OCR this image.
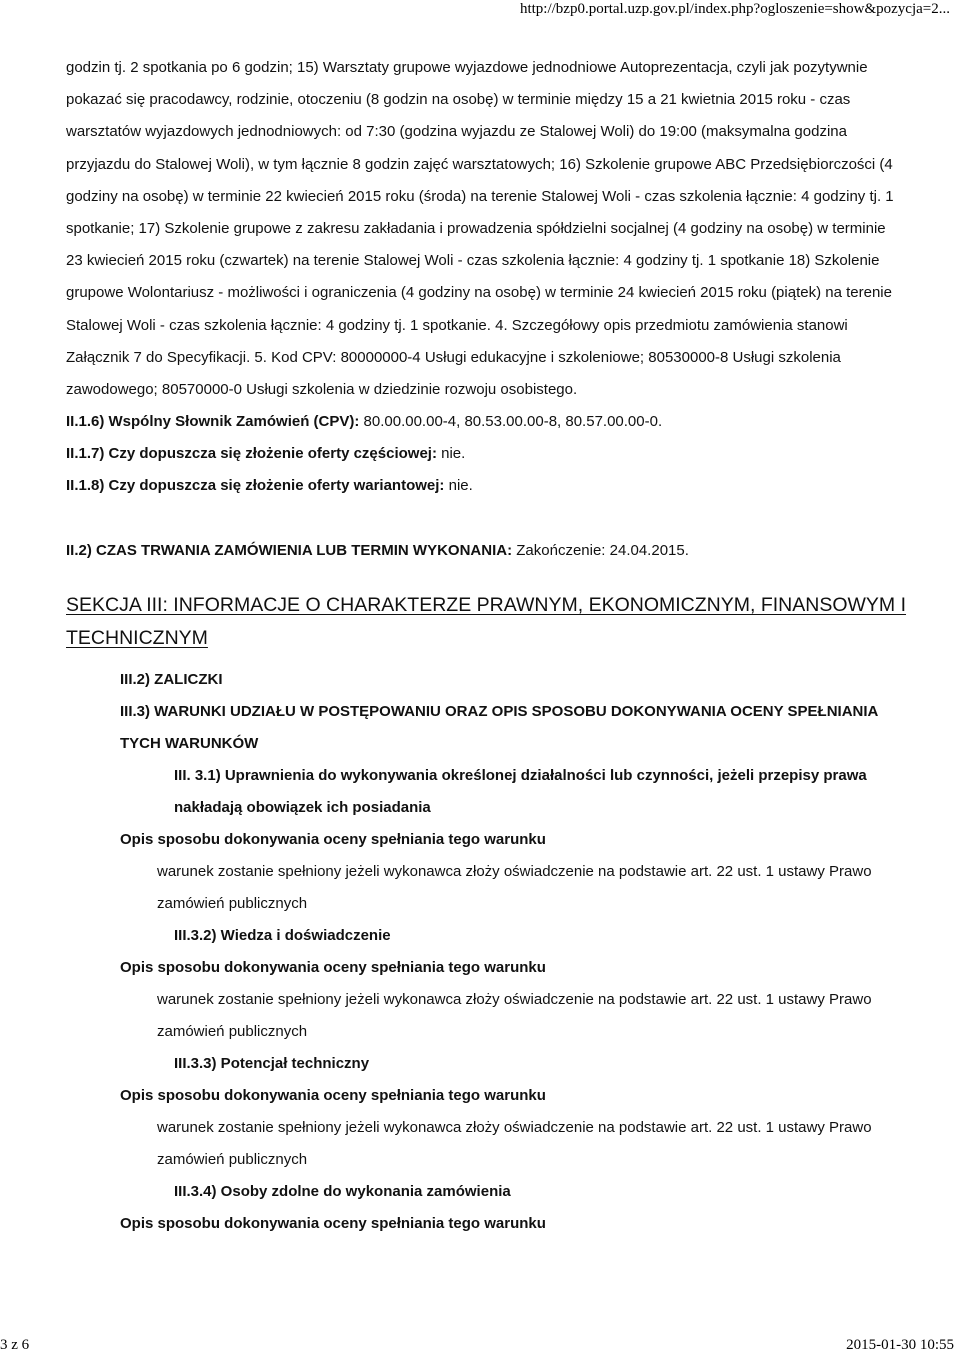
http://bzp0.portal.uzp.gov.pl/index.php?ogloszenie=show&pozycja=2...

godzin tj. 2 spotkania po 6 godzin; 15) Warsztaty grupowe wyjazdowe jednodniowe Autoprezentacja, czyli jak pozytywnie pokazać się pracodawcy, rodzinie, otoczeniu (8 godzin na osobę) w terminie między 15 a 21 kwietnia 2015 roku - czas warsztatów wyjazdowych jednodniowych: od 7:30 (godzina wyjazdu ze Stalowej Woli) do 19:00 (maksymalna godzina przyjazdu do Stalowej Woli), w tym łącznie 8 godzin zajęć warsztatowych; 16) Szkolenie grupowe ABC Przedsiębiorczości (4 godziny na osobę) w terminie 22 kwiecień 2015 roku (środa) na terenie Stalowej Woli - czas szkolenia łącznie: 4 godziny tj. 1 spotkanie; 17) Szkolenie grupowe z zakresu zakładania i prowadzenia spółdzielni socjalnej (4 godziny na osobę) w terminie 23 kwiecień 2015 roku (czwartek) na terenie Stalowej Woli - czas szkolenia łącznie: 4 godziny tj. 1 spotkanie 18) Szkolenie grupowe Wolontariusz - możliwości i ograniczenia (4 godziny na osobę) w terminie 24 kwiecień 2015 roku (piątek) na terenie Stalowej Woli - czas szkolenia łącznie: 4 godziny tj. 1 spotkanie. 4. Szczegółowy opis przedmiotu zamówienia stanowi Załącznik 7 do Specyfikacji. 5. Kod CPV: 80000000-4 Usługi edukacyjne i szkoleniowe; 80530000-8 Usługi szkolenia zawodowego; 80570000-0 Usługi szkolenia w dziedzinie rozwoju osobistego.

II.1.6) Wspólny Słownik Zamówień (CPV): 80.00.00.00-4, 80.53.00.00-8, 80.57.00.00-0.

II.1.7) Czy dopuszcza się złożenie oferty częściowej: nie.

II.1.8) Czy dopuszcza się złożenie oferty wariantowej: nie.

II.2) CZAS TRWANIA ZAMÓWIENIA LUB TERMIN WYKONANIA: Zakończenie: 24.04.2015.

SEKCJA III: INFORMACJE O CHARAKTERZE PRAWNYM, EKONOMICZNYM, FINANSOWYM I TECHNICZNYM

III.2) ZALICZKI

III.3) WARUNKI UDZIAŁU W POSTĘPOWANIU ORAZ OPIS SPOSOBU DOKONYWANIA OCENY SPEŁNIANIA TYCH WARUNKÓW

III. 3.1) Uprawnienia do wykonywania określonej działalności lub czynności, jeżeli przepisy prawa nakładają obowiązek ich posiadania

Opis sposobu dokonywania oceny spełniania tego warunku

warunek zostanie spełniony jeżeli wykonawca złoży oświadczenie na podstawie art. 22 ust. 1 ustawy Prawo zamówień publicznych

III.3.2) Wiedza i doświadczenie

Opis sposobu dokonywania oceny spełniania tego warunku

warunek zostanie spełniony jeżeli wykonawca złoży oświadczenie na podstawie art. 22 ust. 1 ustawy Prawo zamówień publicznych

III.3.3) Potencjał techniczny

Opis sposobu dokonywania oceny spełniania tego warunku

warunek zostanie spełniony jeżeli wykonawca złoży oświadczenie na podstawie art. 22 ust. 1 ustawy Prawo zamówień publicznych

III.3.4) Osoby zdolne do wykonania zamówienia

Opis sposobu dokonywania oceny spełniania tego warunku

3 z 6	2015-01-30 10:55
